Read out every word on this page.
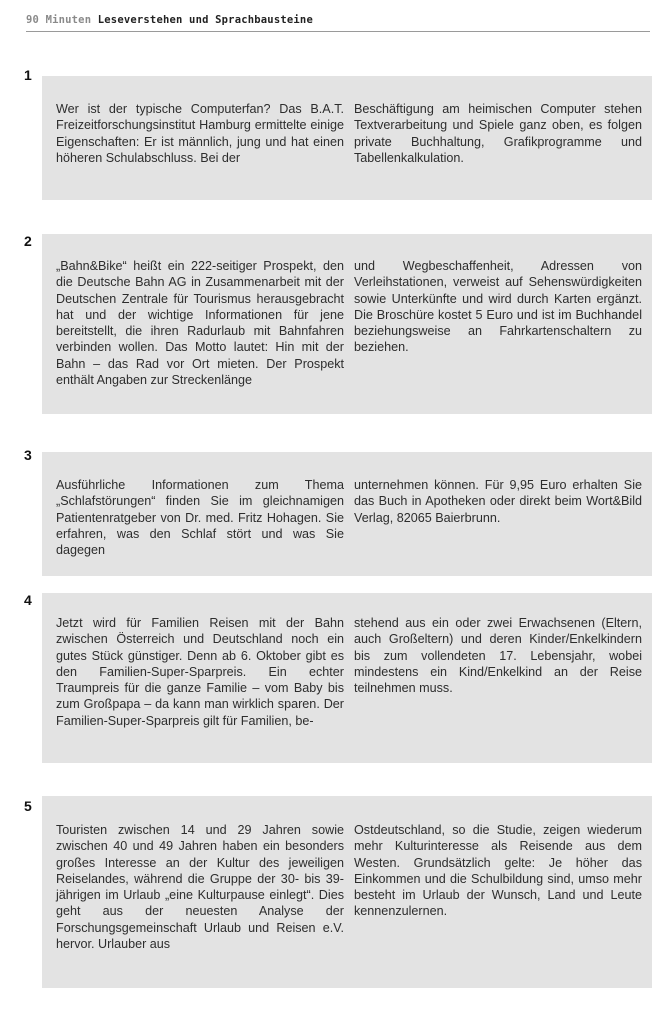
90 Minuten Leseverstehen und Sprachbausteine
1
Wer ist der typische Computerfan? Das B.A.T. Freizeitforschungsinstitut Hamburg ermittelte einige Eigenschaften: Er ist männlich, jung und hat einen höheren Schulabschluss. Bei der
Beschäftigung am heimischen Computer stehen Textverarbeitung und Spiele ganz oben, es folgen private Buchhaltung, Grafikprogramme und Tabellenkalkulation.
2
„Bahn&Bike“ heißt ein 222-seitiger Prospekt, den die Deutsche Bahn AG in Zusammenarbeit mit der Deutschen Zentrale für Tourismus herausgebracht hat und der wichtige Informationen für jene bereitstellt, die ihren Radurlaub mit Bahnfahren verbinden wollen. Das Motto lautet: Hin mit der Bahn – das Rad vor Ort mieten. Der Prospekt enthält Angaben zur Streckenlänge
und Wegbeschaffenheit, Adressen von Verleihstationen, verweist auf Sehenswürdigkeiten sowie Unterkünfte und wird durch Karten ergänzt. Die Broschüre kostet 5 Euro und ist im Buchhandel beziehungsweise an Fahrkartenschaltern zu beziehen.
3
Ausführliche Informationen zum Thema „Schlafstörungen“ finden Sie im gleichnamigen Patientenratgeber von Dr. med. Fritz Hohagen. Sie erfahren, was den Schlaf stört und was Sie dagegen
unternehmen können. Für 9,95 Euro erhalten Sie das Buch in Apotheken oder direkt beim Wort&Bild Verlag, 82065 Baierbrunn.
4
Jetzt wird für Familien Reisen mit der Bahn zwischen Österreich und Deutschland noch ein gutes Stück günstiger. Denn ab 6. Oktober gibt es den Familien-Super-Sparpreis. Ein echter Traumpreis für die ganze Familie – vom Baby bis zum Großpapa – da kann man wirklich sparen. Der Familien-Super-Sparpreis gilt für Familien, be-
stehend aus ein oder zwei Erwachsenen (Eltern, auch Großeltern) und deren Kinder/Enkelkindern bis zum vollendeten 17. Lebensjahr, wobei mindestens ein Kind/Enkelkind an der Reise teilnehmen muss.
5
Touristen zwischen 14 und 29 Jahren sowie zwischen 40 und 49 Jahren haben ein besonders großes Interesse an der Kultur des jeweiligen Reiselandes, während die Gruppe der 30- bis 39-jährigen im Urlaub „eine Kulturpause einlegt“. Dies geht aus der neuesten Analyse der Forschungsgemeinschaft Urlaub und Reisen e.V. hervor. Urlauber aus
Ostdeutschland, so die Studie, zeigen wiederum mehr Kulturinteresse als Reisende aus dem Westen. Grundsätzlich gelte: Je höher das Einkommen und die Schulbildung sind, umso mehr besteht im Urlaub der Wunsch, Land und Leute kennenzulernen.
